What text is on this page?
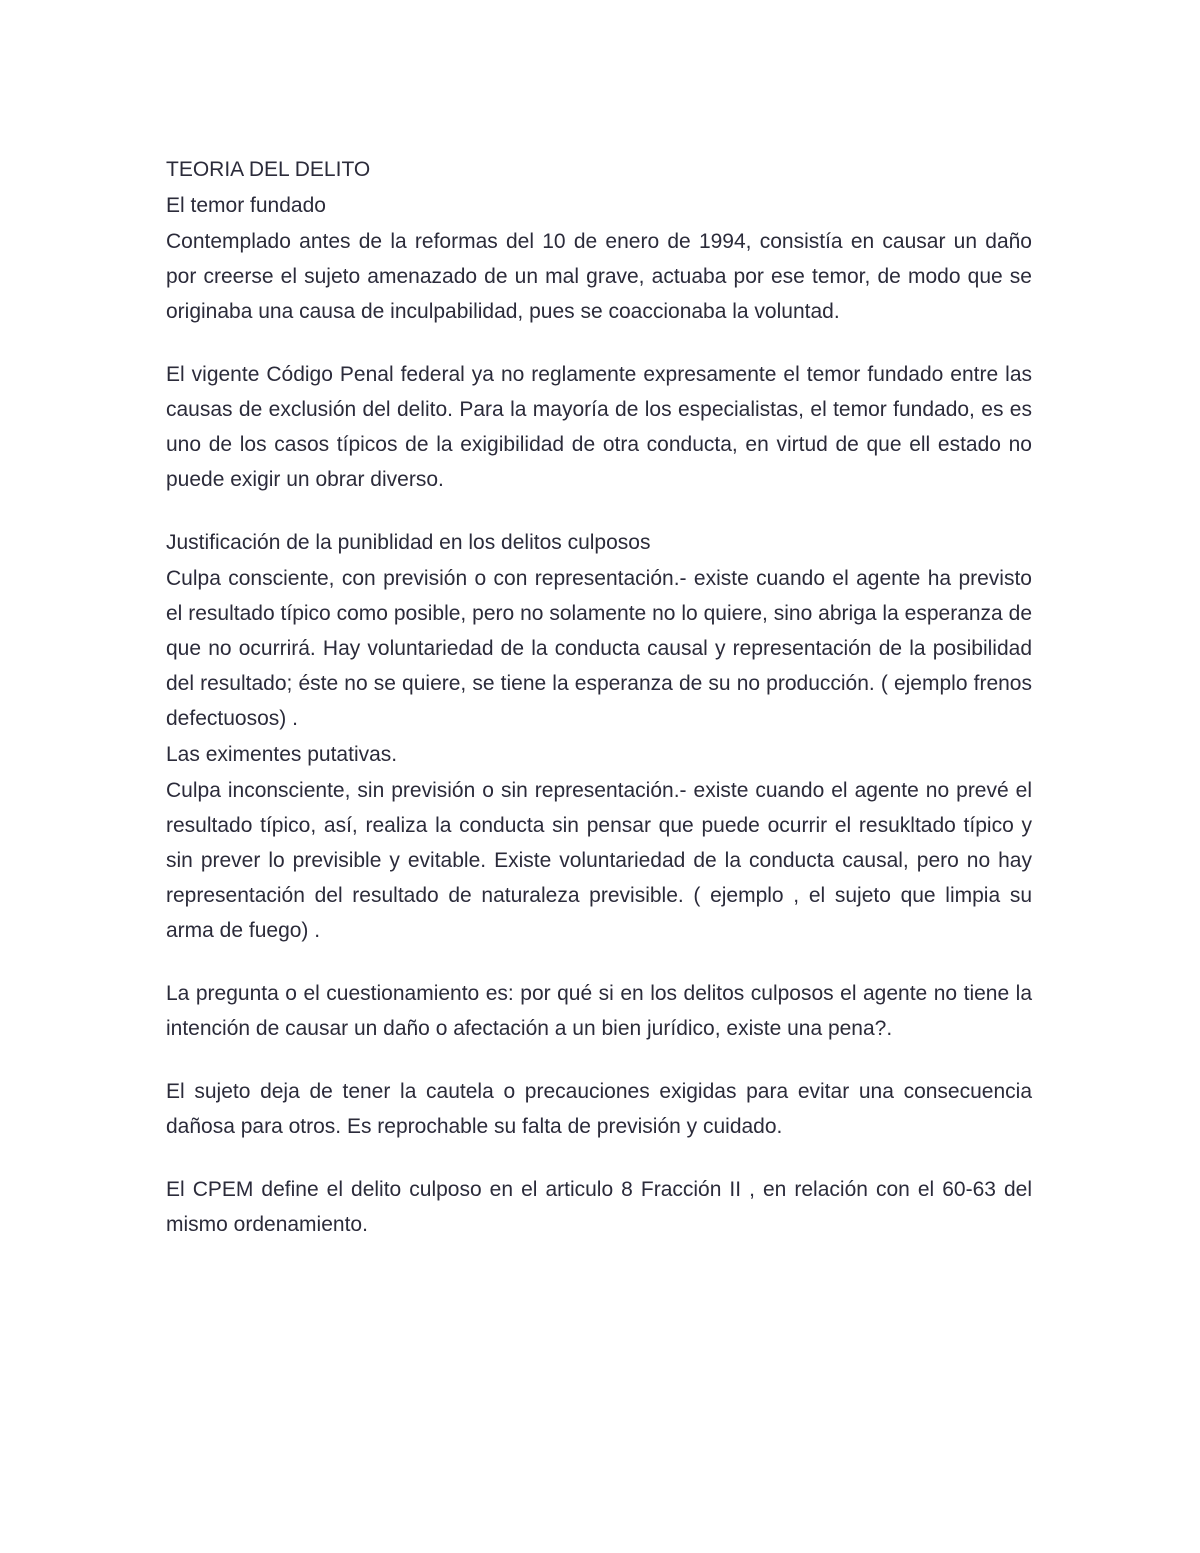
TEORIA DEL DELITO

El temor fundado

Contemplado antes de la reformas del 10 de enero de 1994, consistía en causar un daño por creerse el sujeto amenazado de un mal grave, actuaba por ese temor, de modo que se originaba una causa de inculpabilidad, pues se coaccionaba la voluntad.

El vigente Código Penal federal ya no reglamente expresamente el temor fundado entre las causas de exclusión del delito. Para la mayoría de los especialistas, el temor fundado, es es uno de los casos típicos de la exigibilidad de otra conducta, en virtud de que ell estado no puede exigir un obrar diverso.

Justificación de la puniblidad en los delitos culposos

Culpa consciente, con previsión o con representación.- existe cuando el agente ha previsto el resultado típico como posible, pero no solamente no lo quiere, sino abriga la esperanza de que no ocurrirá. Hay voluntariedad de la conducta causal y representación de la posibilidad del resultado; éste no se quiere, se tiene la esperanza de su no producción. ( ejemplo frenos defectuosos) .

Las eximentes putativas.

Culpa inconsciente, sin previsión o sin representación.- existe cuando el agente no prevé el resultado típico, así, realiza la conducta sin pensar que puede ocurrir el resukltado típico y sin prever lo previsible y evitable. Existe voluntariedad de la conducta causal, pero no hay representación del resultado de naturaleza previsible. ( ejemplo , el sujeto que limpia su arma de fuego) .

La pregunta o el cuestionamiento es: por qué si en los delitos culposos el agente no tiene la intención de causar un daño o afectación a un bien jurídico, existe una pena?.

El sujeto deja de tener la cautela o precauciones exigidas para evitar una consecuencia dañosa para otros. Es reprochable su falta de previsión y cuidado.

El CPEM define el delito culposo en el articulo 8 Fracción II , en relación con el 60-63 del mismo ordenamiento.
